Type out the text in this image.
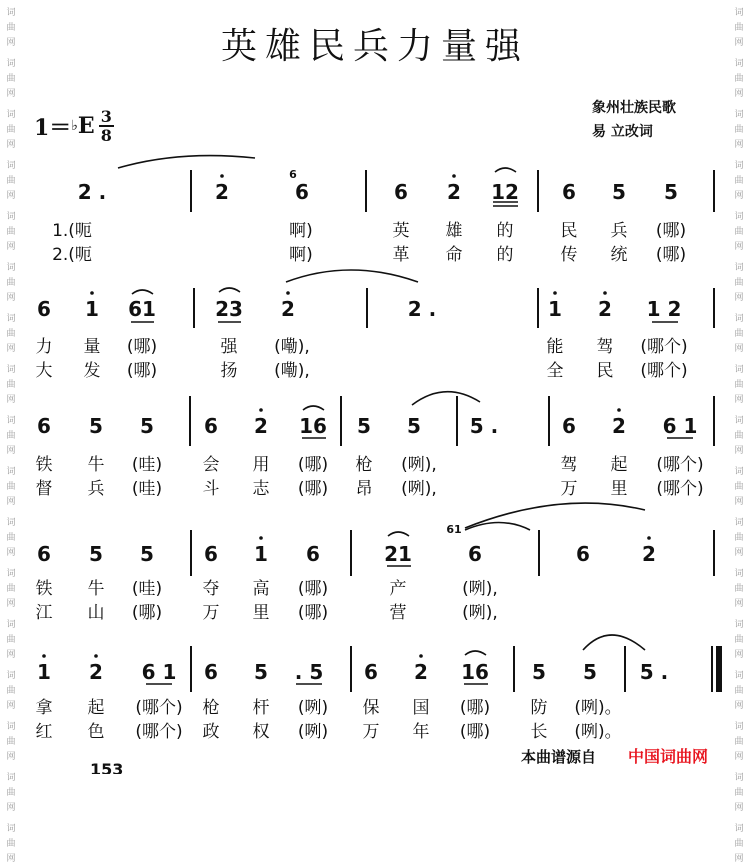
词
曲
网
词
曲
网
词
曲
网
词
曲
网
词
曲
网
词
曲
网
词
曲
网
词
曲
网
词
曲
网
词
曲
网
词
曲
网
词
曲
网
词
曲
网
词
曲
网
词
曲
网
词
曲
网
词
曲
网
词
曲
网
词
曲
网
词
曲
网
词
曲
网
词
曲
网
词
曲
网
词
曲
网
词
曲
网
词
曲
网
词
曲
网
词
曲
网
词
曲
网
词
曲
网
词
曲
网
词
曲
网
词
曲
网
词
曲
网
英雄民兵力量强
1＝ ♭ E 3
8
象州壮族民歌
易 立改词
2 .	2	6	6 2 12 6 5 5
6
1.(呃	啊)	英 雄 的	民 兵 (哪)
2.(呃	啊)	革 命 的	传 统 (哪)
6 1 61	23 2	2 .	1 2 1 2
力 量 (哪)	强 (嘞),	能 驾 (哪个)
大 发 (哪)	扬 (嘞),	全 民 (哪个)
6 5 5	6 2 16 5 5 5 .	6 2 6 1
铁 牛 (哇) 会 用 (哪) 枪 (咧),	驾 起 (哪个)
督 兵 (哇) 斗 志 (哪) 昂 (咧),	万 里 (哪个)
6 5 5	6 1 6	21	6	6	2
61
铁 牛 (哇) 夺 高 (哪)	产	(咧),
江 山 (哪) 万 里 (哪)	营	(咧),
1 2 6 1 6 5 . 5 6 2 16 5 5 5 .
拿 起 (哪个) 枪 杆 (咧) 保 国 (哪) 防 (咧)。
红 色 (哪个) 政 权 (咧) 万 年 (哪) 长 (咧)。
本曲谱源自 中国词曲网
153
